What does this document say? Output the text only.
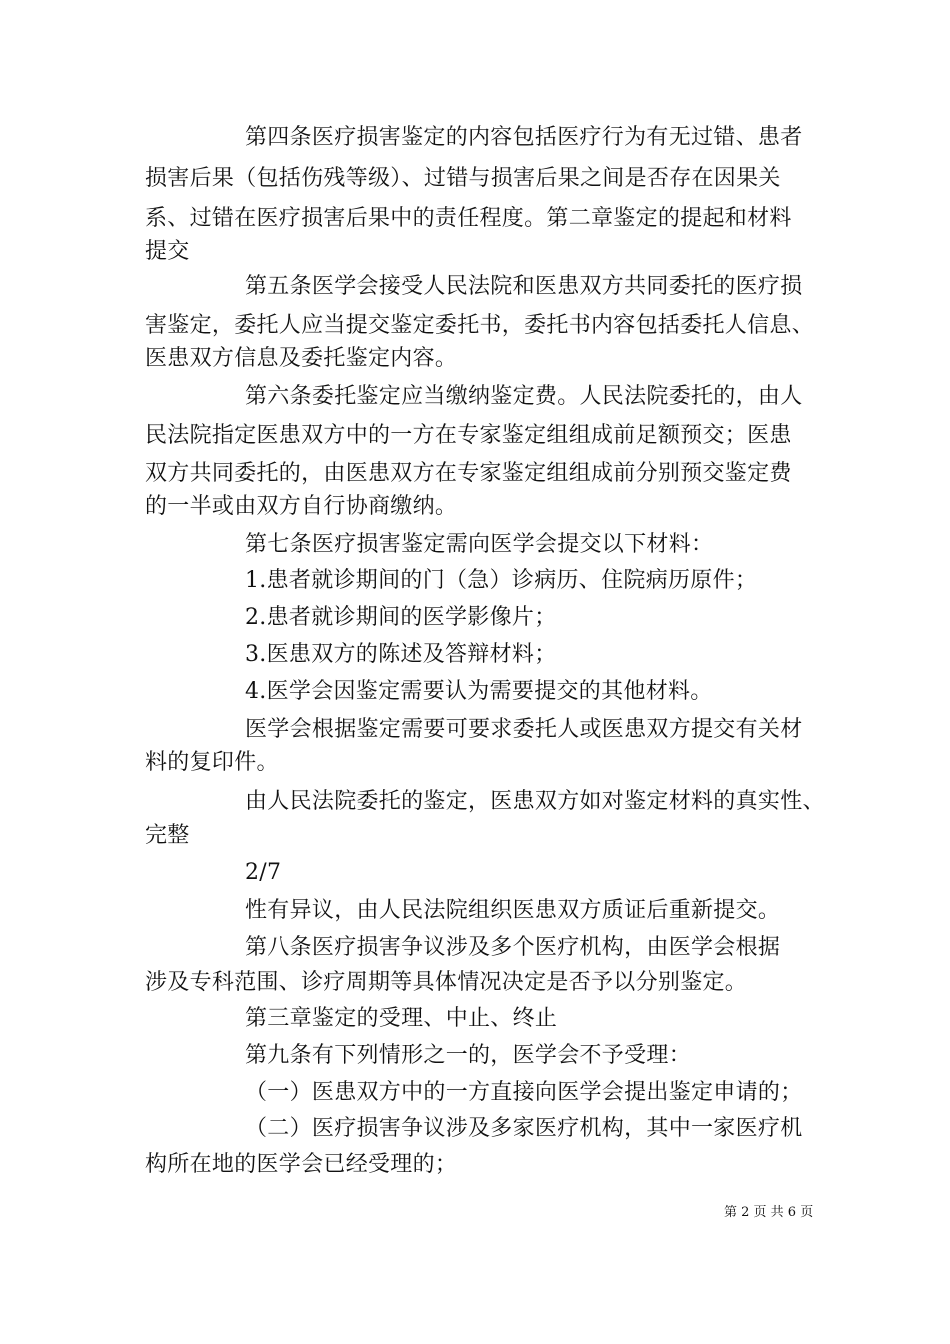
第四条医疗损害鉴定的内容包括医疗行为有无过错、患者
损害后果（包括伤残等级）、过错与损害后果之间是否存在因果关
系、过错在医疗损害后果中的责任程度。第二章鉴定的提起和材料
提交
第五条医学会接受人民法院和医患双方共同委托的医疗损
害鉴定，委托人应当提交鉴定委托书，委托书内容包括委托人信息、
医患双方信息及委托鉴定内容。
第六条委托鉴定应当缴纳鉴定费。人民法院委托的，由人
民法院指定医患双方中的一方在专家鉴定组组成前足额预交；医患
双方共同委托的，由医患双方在专家鉴定组组成前分别预交鉴定费
的一半或由双方自行协商缴纳。
第七条医疗损害鉴定需向医学会提交以下材料：
1.患者就诊期间的门（急）诊病历、住院病历原件；
2.患者就诊期间的医学影像片；
3.医患双方的陈述及答辩材料；
4.医学会因鉴定需要认为需要提交的其他材料。
医学会根据鉴定需要可要求委托人或医患双方提交有关材
料的复印件。
由人民法院委托的鉴定，医患双方如对鉴定材料的真实性、
完整
2/7
性有异议，由人民法院组织医患双方质证后重新提交。
第八条医疗损害争议涉及多个医疗机构，由医学会根据
涉及专科范围、诊疗周期等具体情况决定是否予以分别鉴定。
第三章鉴定的受理、中止、终止
第九条有下列情形之一的，医学会不予受理：
（一）医患双方中的一方直接向医学会提出鉴定申请的；
（二）医疗损害争议涉及多家医疗机构，其中一家医疗机
构所在地的医学会已经受理的；
第 2 页 共 6 页
